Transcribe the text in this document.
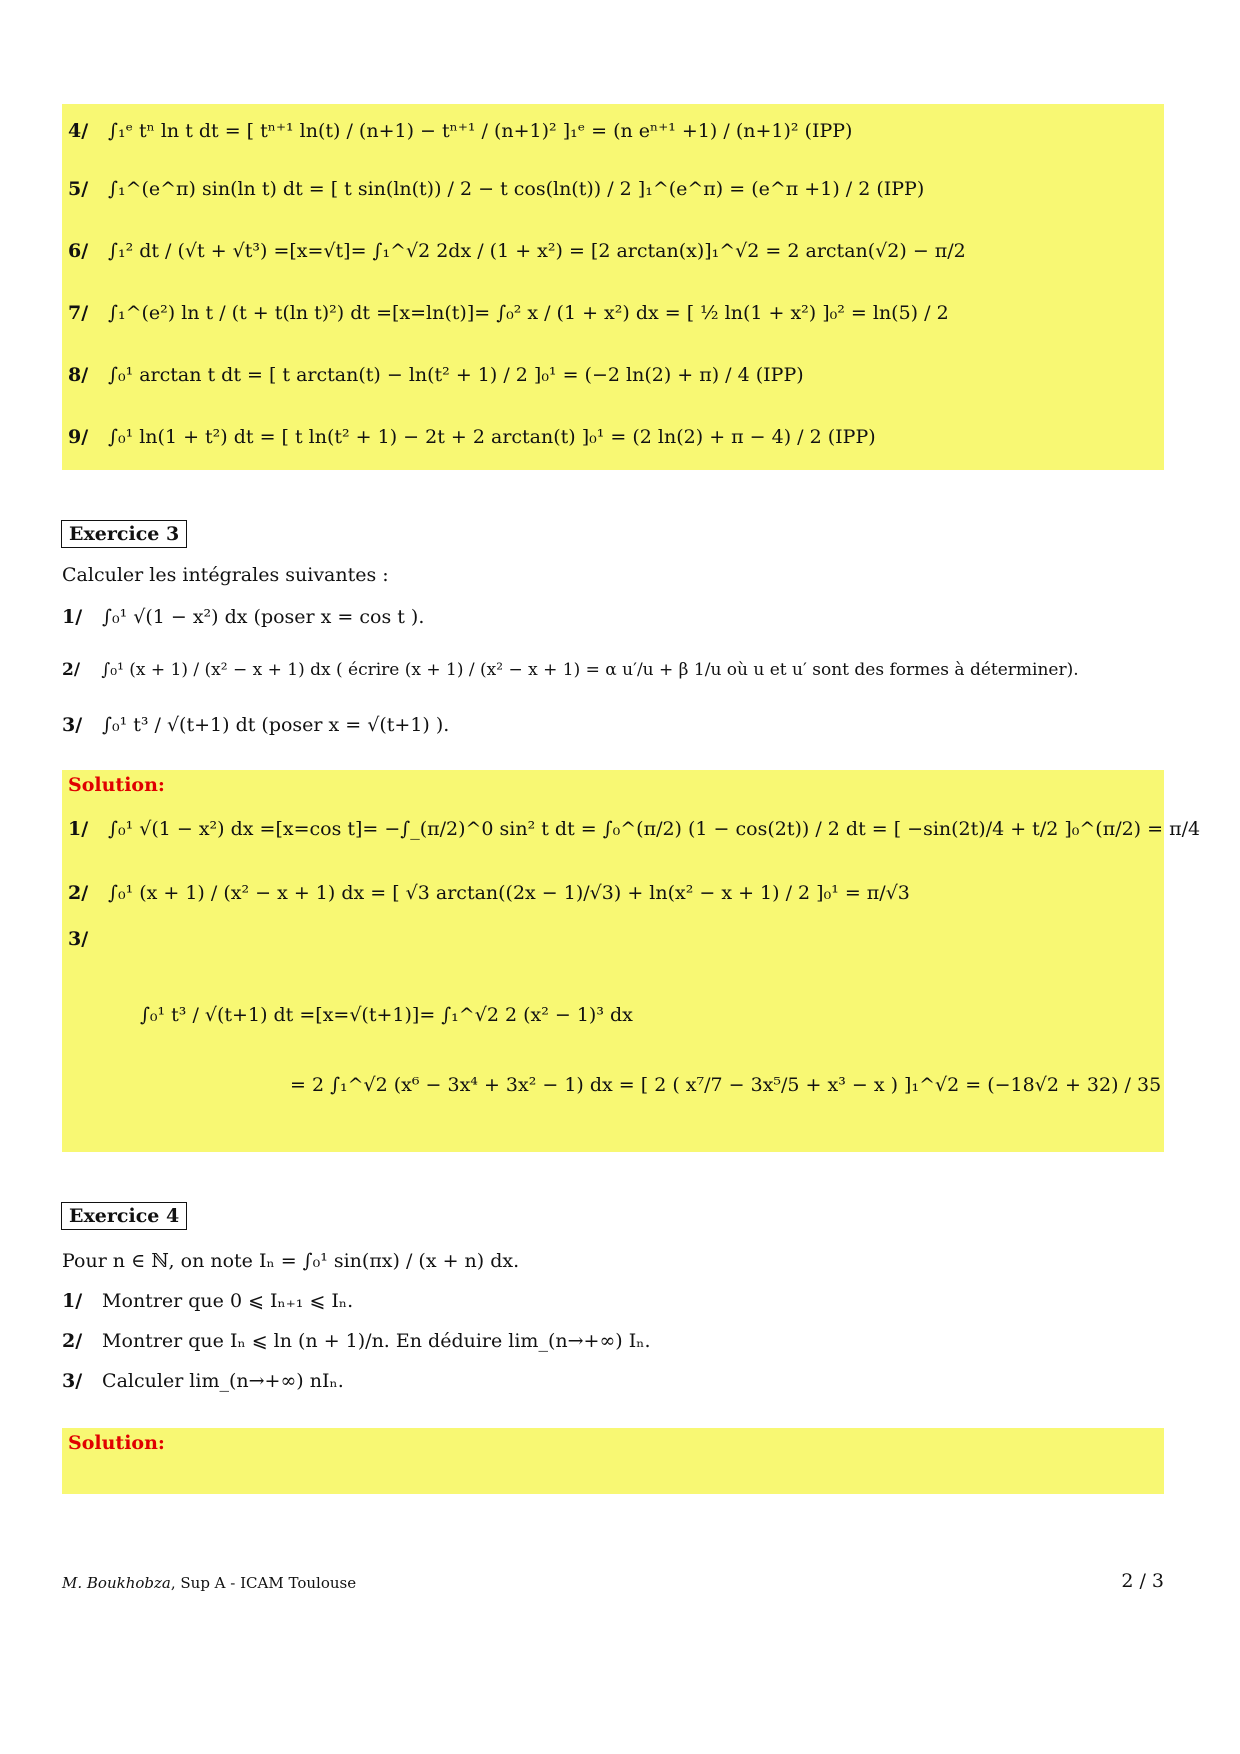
4/ ∫₁ᵉ tⁿ ln t dt = [ tⁿ⁺¹ ln(t) / (n+1) − tⁿ⁺¹ / (n+1)² ]₁ᵉ = (n eⁿ⁺¹ +1) / (n+1)² (IPP)
5/ ∫₁^(e^π) sin(ln t) dt = [ t sin(ln(t)) / 2 − t cos(ln(t)) / 2 ]₁^(e^π) = (e^π +1) / 2 (IPP)
6/ ∫₁² dt / (√t + √t³) =[x=√t]= ∫₁^√2 2dx / (1 + x²) = [2 arctan(x)]₁^√2 = 2 arctan(√2) − π/2
7/ ∫₁^(e²) ln t / (t + t(ln t)²) dt =[x=ln(t)]= ∫₀² x / (1 + x²) dx = [ ½ ln(1 + x²) ]₀² = ln(5) / 2
8/ ∫₀¹ arctan t dt = [ t arctan(t) − ln(t² + 1) / 2 ]₀¹ = (−2 ln(2) + π) / 4 (IPP)
9/ ∫₀¹ ln(1 + t²) dt = [ t ln(t² + 1) − 2t + 2 arctan(t) ]₀¹ = (2 ln(2) + π − 4) / 2 (IPP)
Exercice 3
Calculer les intégrales suivantes :
1/ ∫₀¹ √(1 − x²) dx (poser x = cos t ).
2/ ∫₀¹ (x + 1) / (x² − x + 1) dx ( écrire (x + 1) / (x² − x + 1) = α u′/u + β 1/u où u et u′ sont des formes à déterminer).
3/ ∫₀¹ t³ / √(t+1) dt (poser x = √(t+1) ).
Solution:
1/ ∫₀¹ √(1 − x²) dx =[x=cos t]= −∫_(π/2)^0 sin² t dt = ∫₀^(π/2) (1 − cos(2t)) / 2 dt = [ −sin(2t)/4 + t/2 ]₀^(π/2) = π/4
2/ ∫₀¹ (x + 1) / (x² − x + 1) dx = [ √3 arctan((2x − 1)/√3) + ln(x² − x + 1) / 2 ]₀¹ = π/√3
3/
∫₀¹ t³ / √(t+1) dt =[x=√(t+1)]= ∫₁^√2 2 (x² − 1)³ dx
= 2 ∫₁^√2 (x⁶ − 3x⁴ + 3x² − 1) dx = [ 2 ( x⁷/7 − 3x⁵/5 + x³ − x ) ]₁^√2 = (−18√2 + 32) / 35
Exercice 4
Pour n ∈ ℕ, on note Iₙ = ∫₀¹ sin(πx) / (x + n) dx.
1/ Montrer que 0 ⩽ Iₙ₊₁ ⩽ Iₙ.
2/ Montrer que Iₙ ⩽ ln (n + 1)/n. En déduire lim_(n→+∞) Iₙ.
3/ Calculer lim_(n→+∞) nIₙ.
Solution:
M. Boukhobza, Sup A - ICAM Toulouse	2 / 3
